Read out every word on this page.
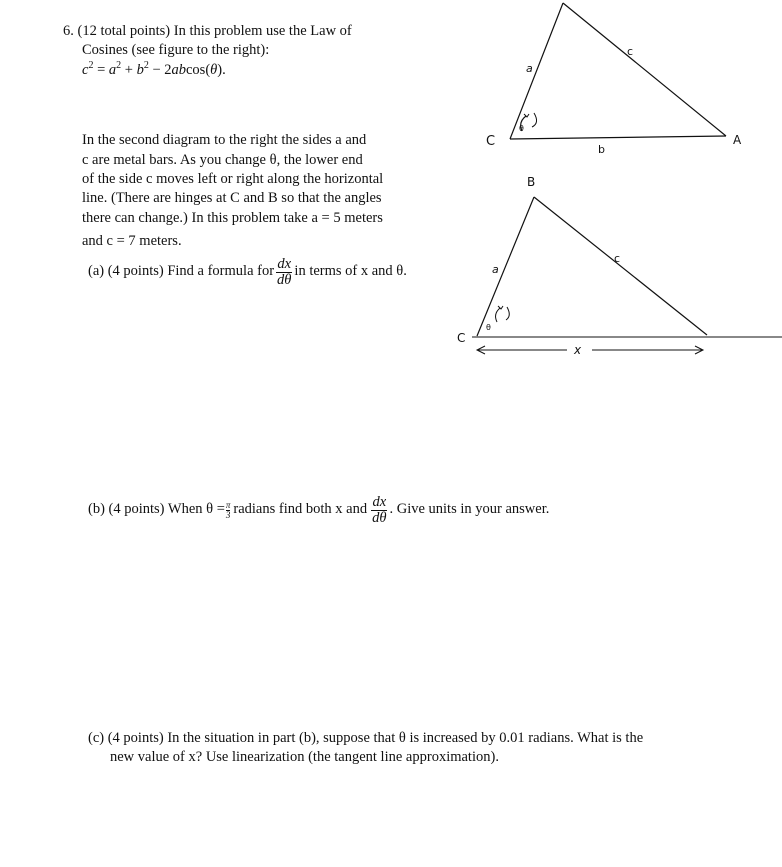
6. (12 total points) In this problem use the Law of
Cosines (see figure to the right):
$c^2 = a^2 + b^2 - 2abcos(\theta)$.
In the second diagram to the right the sides a and
c are metal bars. As you change θ, the lower end
of the side c moves left or right along the horizontal
line. (There are hinges at C and B so that the angles
there can change.) In this problem take a = 5 meters
and c = 7 meters.
(a) (4 points) Find a formula for $\frac{dx}{d\theta}$ in terms of x and θ.
(b) (4 points) When $\theta = \frac{\pi}{3}$ radians find both x and $\frac{dx}{d\theta}$ . Give units in your answer.
(c) (4 points) In the situation in part (b), suppose that θ is increased by 0.01 radians. What is the
new value of x? Use linearization (the tangent line approximation).
a
c
b
C	A
θ
B
a
c
C
x
θ
